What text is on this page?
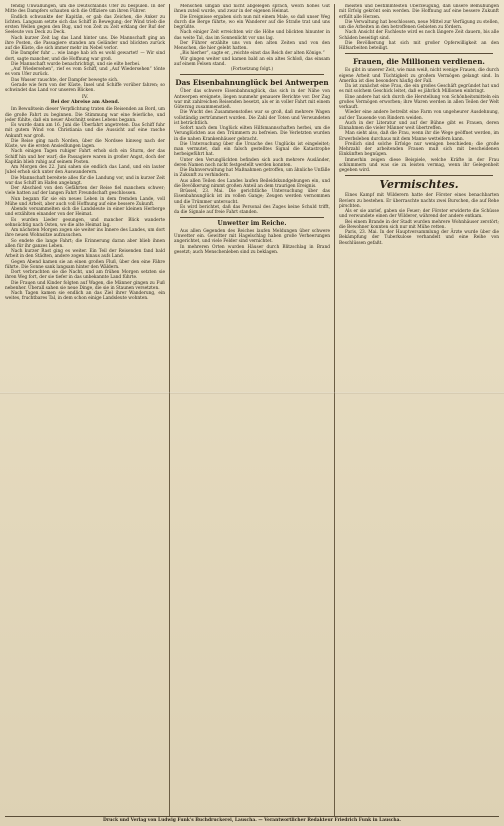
fendig Unwallungen, um die Deutschlands Ufer zu bespülen. In der Mitte des Dampfers schauten sich die Offiziere um ihren Führer.

Endlich schwankte der Kapitän, er gab das Zeichen, die Anker zu lichten. Langsam setzte sich das Schiff in Bewegung; der Wind trieb die ersten Wellen gegen den Bug, und von Zeit zu Zeit erklang der Ruf der Seeleute von Deck zu Deck.

Nach kurzer Zeit lag das Land hinter uns. Die Mannschaft ging an ihre Posten, die Passagiere standen am Geländer und blickten zurück auf die Küste, die sich immer mehr im Nebel verlor.

Die Dampfer fuhr ... wie lange hab ich es wohl gewartet! — Wir sind dort, sagte mancher, und die Hoffnung war groß.

Die Mannschaft wurde benachrichtigt, und sie eilte herbei.

„Auf Wiedersehen“, rief es vom Schiff, und „Auf Wiedersehen“ tönte es vom Ufer zurück.

Das Wasser rauschte, der Dampfer bewegte sich.

Gerade wie fern von der Küste, Insel und Schiffe vorüber fahren; so schwindet das Land vor unseren Blicken.

IV.
Bei der Abreise am Abend.

Im Bewußtsein dieser Verpflichtung traten die Reisenden an Bord, um die große Fahrt zu beginnen. Die Stimmung war eine feierliche, und jeder fühlte, daß ein neuer Abschnitt seines Lebens begann.

Es wurde dann am 16. Juni die Überfahrt angetreten. Das Schiff fuhr mit gutem Wind von Christiania und die Aussicht auf eine rasche Ankunft war groß.

Die Reise ging nach Norden, über die Nordsee hinweg nach der Küste, wo die ersten Ansiedlungen lagen.

Nach einigen Tagen ruhiger Fahrt erhob sich ein Sturm, der das Schiff hin und her warf; die Passagiere waren in großer Angst, doch der Kapitän blieb ruhig auf seinem Posten.

Am Morgen des 22. Juni sahen sie endlich das Land, und ein lauter Jubel erhob sich unter den Auswanderern.

Die Mannschaft bereitete alles für die Landung vor, und in kurzer Zeit war das Schiff im Hafen angelangt.

Der Abschied von den Gefährten der Reise fiel manchem schwer; viele hatten auf der langen Fahrt Freundschaft geschlossen.

Nun begann für sie ein neues Leben in dem fremden Lande, voll Mühe und Arbeit, aber auch voll Hoffnung auf eine bessere Zukunft.

Abends versammelten sich die Landsleute in einer kleinen Herberge und erzählten einander von der Heimat.

Es wurden Lieder gesungen, und mancher Blick wanderte sehnsüchtig nach Osten, wo die alte Heimat lag.

Am nächsten Morgen zogen sie weiter ins Innere des Landes, um dort ihre neuen Wohnsitze aufzusuchen.

So endete die lange Fahrt; die Erinnerung daran aber blieb ihnen allen für ihr ganzes Leben.

Nach kurzer Rast ging es weiter. Ein Teil der Reisenden fand bald Arbeit in den Städten, andere zogen hinaus aufs Land.

Gegen Abend kamen sie an einen großen Fluß, über den eine Fähre führte. Die Sonne sank langsam hinter den Wäldern.

Dort verbrachten sie die Nacht, und am frühen Morgen setzten sie ihren Weg fort, der sie tiefer in das unbekannte Land führte.

Die Frauen und Kinder folgten auf Wagen, die Männer gingen zu Fuß nebenher. Überall sahen sie neue Dinge, die sie in Staunen versetzten.

Nach Tagen kamen sie endlich an das Ziel ihrer Wanderung, ein weites, fruchtbares Tal, in dem schon einige Landsleute wohnten.

Menschen umgab und nicht abgelegen sprach, welch hohes Gut ihnen zuteil wurde, und zwar in der eigenen Heimat.

Die Ereignisse ergaben sich nun mit einem Male, so daß unser Weg durch die Berge führte, wo ein Wanderer auf die Straße trat und uns begrüßte.

Nach einiger Zeit erreichten wir die Höhe und blickten hinunter in das weite Tal, das im Sonnenlicht vor uns lag.

Der Führer erzählte uns von den alten Zeiten und von den Menschen, die hier gelebt hatten.

„Bis hierher“, sagte er, „reichte einst das Reich der alten Könige.“

Wir gingen weiter und kamen bald an ein altes Schloß, das einsam auf einem Felsen stand.

(Fortsetzung folgt.)
Das Eisenbahnunglück bei Antwerpen

Über das schwere Eisenbahnunglück, das sich in der Nähe von Antwerpen ereignete, liegen nunmehr genauere Berichte vor. Der Zug war mit zahlreichen Reisenden besetzt, als er in voller Fahrt mit einem Güterzug zusammenstieß.

Die Wucht des Zusammenstoßes war so groß, daß mehrere Wagen vollständig zertrümmert wurden. Die Zahl der Toten und Verwundeten ist beträchtlich.

Sofort nach dem Unglück eilten Hilfsmannschaften herbei, um die Verunglückten aus den Trümmern zu befreien. Die Verletzten wurden in die nahen Krankenhäuser gebracht.

Die Untersuchung über die Ursache des Unglücks ist eingeleitet; man vermutet, daß ein falsch gestelltes Signal die Katastrophe herbeigeführt hat.

Unter den Verunglückten befinden sich auch mehrere Ausländer, deren Namen noch nicht festgestellt werden konnten.

Die Bahnverwaltung hat Maßnahmen getroffen, um ähnliche Unfälle in Zukunft zu verhindern.

Aus allen Teilen des Landes laufen Beileidskundgebungen ein, und die Bevölkerung nimmt großen Anteil an dem traurigen Ereignis.

Brüssel, 23. Mai. Die gerichtliche Untersuchung über das Eisenbahnunglück ist im vollen Gange; Zeugen werden vernommen und die Trümmer untersucht.

Es wird berichtet, daß das Personal des Zuges keine Schuld trifft, da die Signale auf freie Fahrt standen.

Unwetter im Reiche.

Aus allen Gegenden des Reiches laufen Meldungen über schwere Unwetter ein. Gewitter mit Hagelschlag haben große Verheerungen angerichtet, und viele Felder sind vernichtet.

In mehreren Orten wurden Häuser durch Blitzschlag in Brand gesetzt; auch Menschenleben sind zu beklagen.

meisten und bestimmtesten Überzeugung, daß unsere Bemühungen mit Erfolg gekrönt sein werden. Die Hoffnung auf eine bessere Zukunft erfüllt alle Herzen.

Die Verwaltung hat beschlossen, neue Mittel zur Verfügung zu stellen, um die Arbeiten in den betroffenen Gebieten zu fördern.

Nach Ansicht der Fachleute wird es noch längere Zeit dauern, bis alle Schäden beseitigt sind.

Die Bevölkerung hat sich mit großer Opferwilligkeit an den Hilfsarbeiten beteiligt.

Frauen, die Millionen verdienen.

Es gibt in unserer Zeit, wie man weiß, nicht wenige Frauen, die durch eigene Arbeit und Tüchtigkeit zu großem Vermögen gelangt sind. In Amerika ist dies besonders häufig der Fall.

Da ist zunächst eine Frau, die ein großes Geschäft gegründet hat und es mit solchem Geschick leitet, daß es jährlich Millionen einbringt.

Eine andere hat sich durch die Herstellung von Schönheitsmitteln ein großes Vermögen erworben; ihre Waren werden in allen Teilen der Welt verkauft.

Wieder eine andere betreibt eine Farm von ungeheurer Ausdehnung, auf der Tausende von Rindern weiden.

Auch in der Literatur und auf der Bühne gibt es Frauen, deren Einnahmen die vieler Männer weit übertreffen.

Man sieht also, daß die Frau, wenn ihr die Wege geöffnet werden, im Erwerbsleben durchaus mit dem Manne wetteifern kann.

Freilich sind solche Erfolge nur wenigen beschieden; die große Mehrzahl der arbeitenden Frauen muß sich mit bescheidenen Einkünften begnügen.

Immerhin zeigen diese Beispiele, welche Kräfte in der Frau schlummern und was sie zu leisten vermag, wenn ihr Gelegenheit gegeben wird.

Vermischtes.

Eines Kampf mit Wilderern hatte der Förster eines benachbarten Reviers zu bestehen. Er überraschte nachts zwei Burschen, die auf Rehe pirschten.

Als er sie anrief, gaben sie Feuer; der Förster erwiderte die Schüsse und verwundete einen der Wilderer, während der andere entkam.

Bei einem Brande in der Stadt wurden mehrere Wohnhäuser zerstört; die Bewohner konnten sich nur mit Mühe retten.

Paris, 23. Mai. In der Hauptversammlung der Ärzte wurde über die Bekämpfung der Tuberkulose verhandelt und eine Reihe von Beschlüssen gefaßt.

Druck und Verlag von Ludwig Funk's Buchdruckerei, Lauscha. — Verantwortlicher Redakteur Friedrich Funk in Lauscha.
